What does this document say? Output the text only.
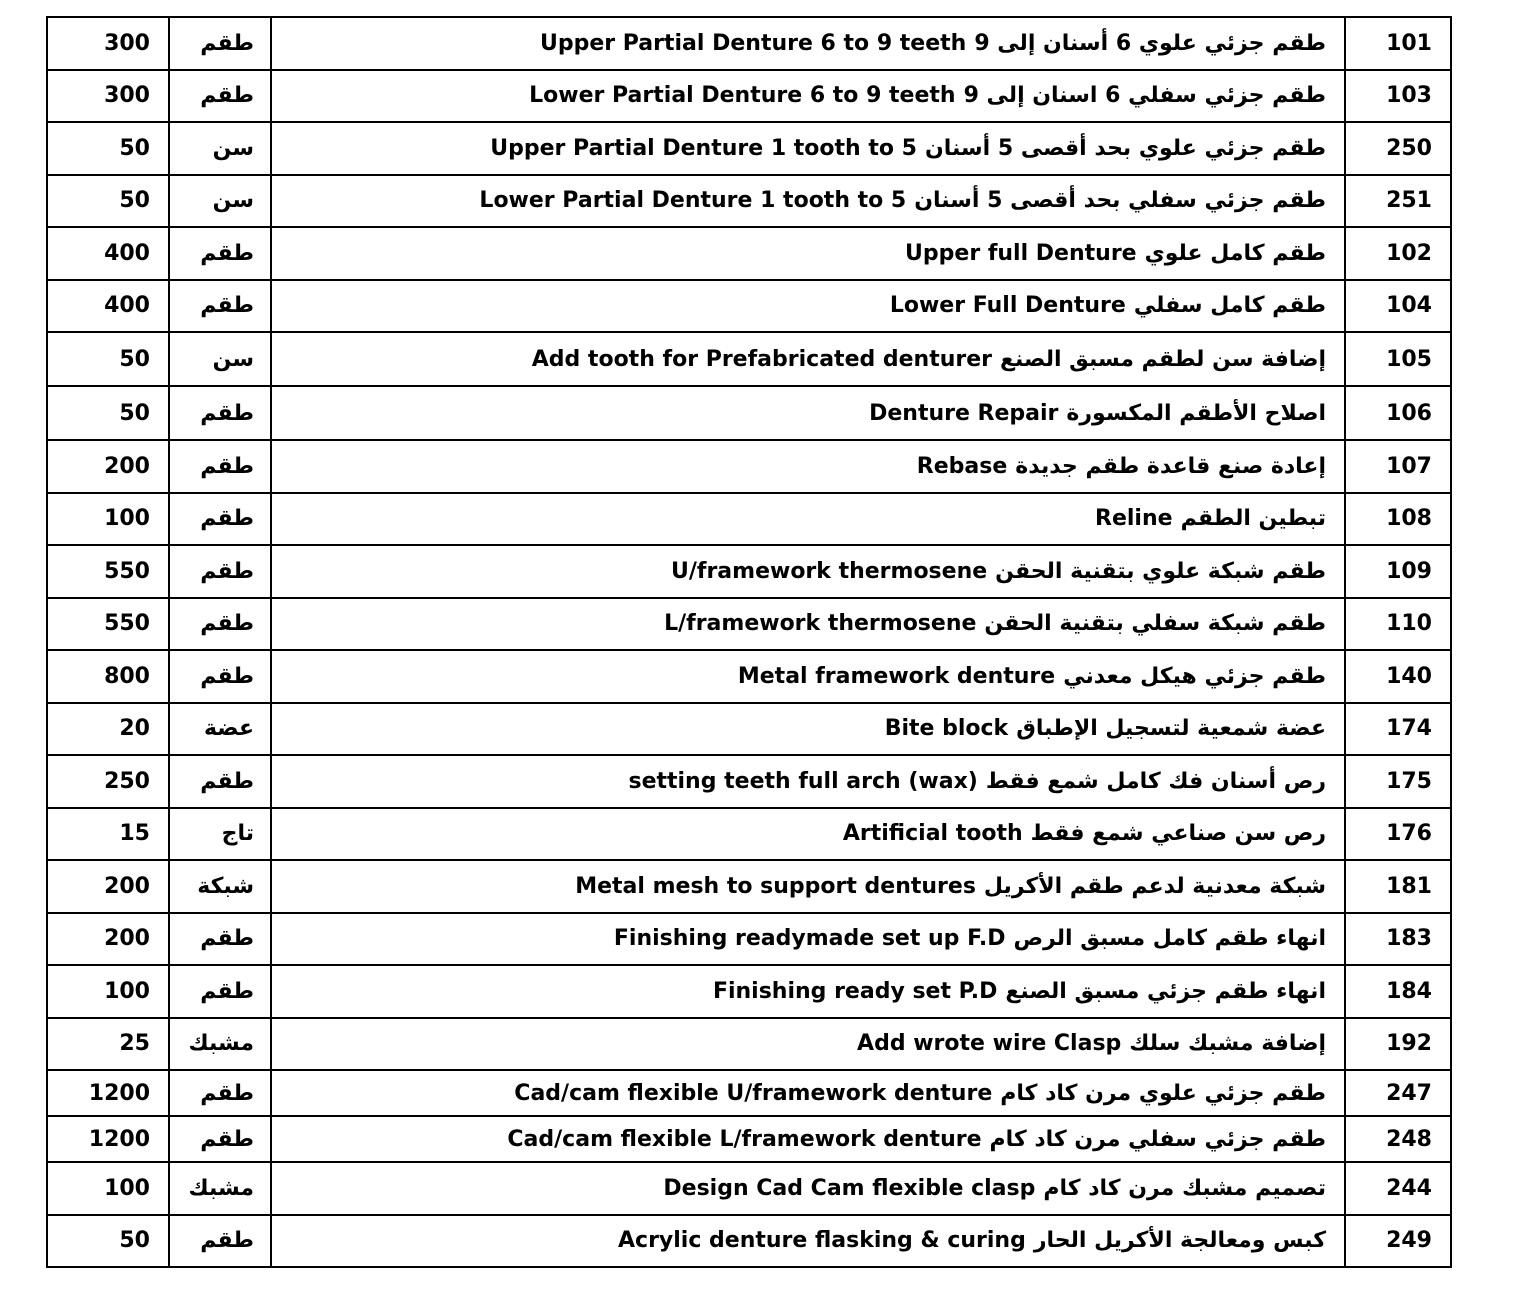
300	طقم	Upper Partial Denture 6 to 9 teeth طقم جزئي علوي 6 أسنان إلى 9	101
300	طقم	Lower Partial Denture 6 to 9 teeth طقم جزئي سفلي 6 اسنان إلى 9	103
50	سن	Upper Partial Denture 1 tooth to 5 طقم جزئي علوي بحد أقصى 5 أسنان	250
50	سن	Lower Partial Denture 1 tooth to 5 طقم جزئي سفلي بحد أقصى 5 أسنان	251
400	طقم	Upper full Denture طقم كامل علوي	102
400	طقم	Lower Full Denture طقم كامل سفلي	104
50	سن	Add tooth for Prefabricated denturer إضافة سن لطقم مسبق الصنع	105
50	طقم	Denture Repair اصلاح الأطقم المكسورة	106
200	طقم	Rebase إعادة صنع قاعدة طقم جديدة	107
100	طقم	Reline تبطين الطقم	108
550	طقم	U/framework thermosene طقم شبكة علوي بتقنية الحقن	109
550	طقم	L/framework thermosene طقم شبكة سفلي بتقنية الحقن	110
800	طقم	Metal framework denture طقم جزئي هيكل معدني	140
20	عضة	Bite block عضة شمعية لتسجيل الإطباق	174
250	طقم	setting teeth full arch (wax) رص أسنان فك كامل شمع فقط	175
15	تاج	Artificial tooth رص سن صناعي شمع فقط	176
200	شبكة	Metal mesh to support dentures شبكة معدنية لدعم طقم الأكريل	181
200	طقم	Finishing readymade set up F.D انهاء طقم كامل مسبق الرص	183
100	طقم	Finishing ready set P.D انهاء طقم جزئي مسبق الصنع	184
25	مشبك	Add wrote wire Clasp إضافة مشبك سلك	192
1200	طقم	Cad/cam flexible U/framework denture طقم جزئي علوي مرن كاد كام	247
1200	طقم	Cad/cam flexible L/framework denture طقم جزئي سفلي مرن كاد كام	248
100	مشبك	Design Cad Cam flexible clasp تصميم مشبك مرن كاد كام	244
50	طقم	Acrylic denture flasking & curing كبس ومعالجة الأكريل الحار	249
